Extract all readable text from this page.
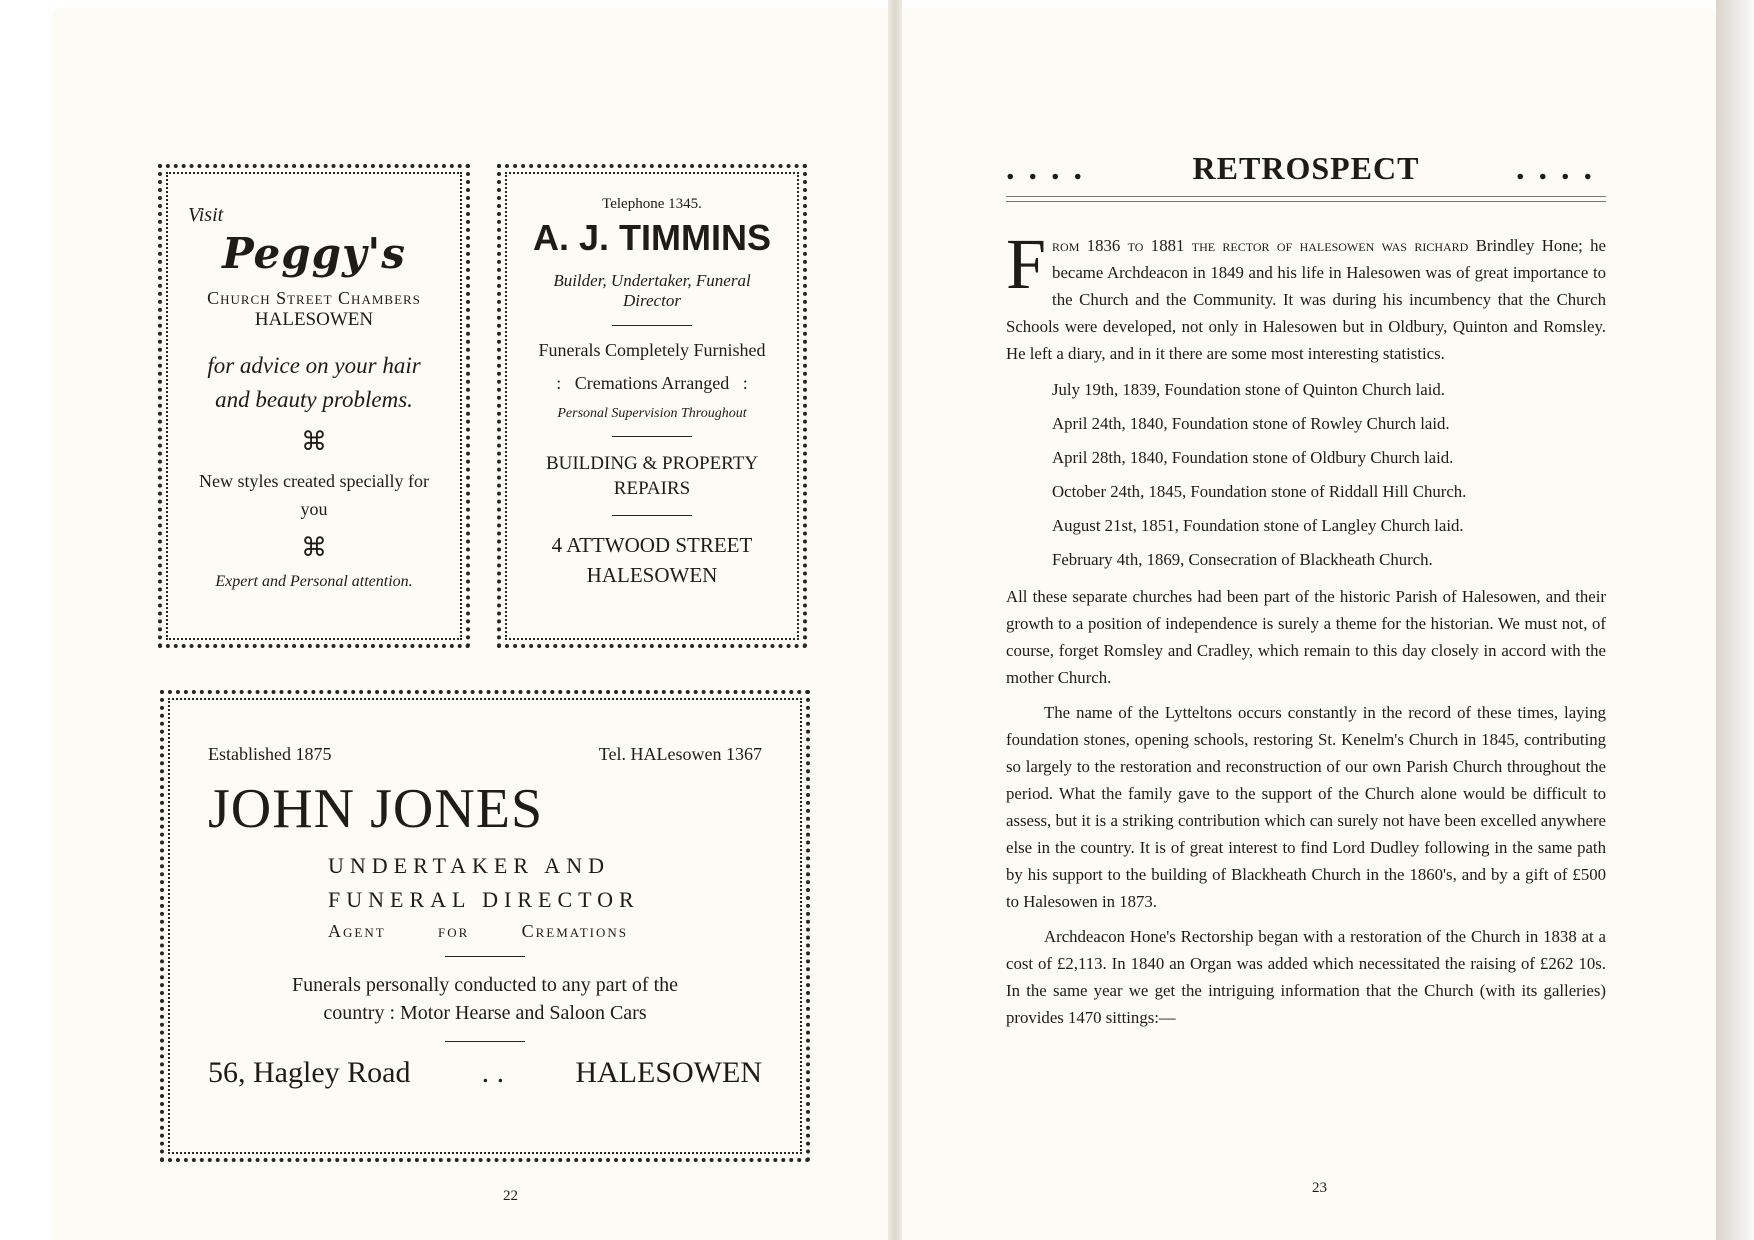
Visit
Peggy's
Church Street Chambers
HALESOWEN
for advice on your hair and beauty problems.
⌘
New styles created specially for you
⌘
Expert and Personal attention.
Telephone 1345.
A. J. TIMMINS
Builder, Undertaker, Funeral Director
Funerals Completely Furnished
:   Cremations Arranged   :
Personal Supervision Throughout
BUILDING & PROPERTY REPAIRS
4 ATTWOOD STREET
HALESOWEN
Established 1875	Tel. HALesowen 1367
JOHN JONES
UNDERTAKER AND
FUNERAL DIRECTOR
Agent	for	Cremations
Funerals personally conducted to any part of the country : Motor Hearse and Saloon Cars
56, Hagley Road . . HALESOWEN
22
....	RETROSPECT	....

F rom 1836 to 1881 the rector of halesowen was richard Brindley Hone; he became Archdeacon in 1849 and his life in Halesowen was of great importance to the Church and the Community. It was during his incumbency that the Church Schools were developed, not only in Halesowen but in Oldbury, Quinton and Romsley. He left a diary, and in it there are some most interesting statistics.

July 19th, 1839, Foundation stone of Quinton Church laid.
April 24th, 1840, Foundation stone of Rowley Church laid.
April 28th, 1840, Foundation stone of Oldbury Church laid.
October 24th, 1845, Foundation stone of Riddall Hill Church.
August 21st, 1851, Foundation stone of Langley Church laid.
February 4th, 1869, Consecration of Blackheath Church.

All these separate churches had been part of the historic Parish of Halesowen, and their growth to a position of independence is surely a theme for the historian. We must not, of course, forget Romsley and Cradley, which remain to this day closely in accord with the mother Church.

The name of the Lytteltons occurs constantly in the record of these times, laying foundation stones, opening schools, restoring St. Kenelm's Church in 1845, contributing so largely to the restoration and reconstruction of our own Parish Church throughout the period. What the family gave to the support of the Church alone would be difficult to assess, but it is a striking contribution which can surely not have been excelled anywhere else in the country. It is of great interest to find Lord Dudley following in the same path by his support to the building of Blackheath Church in the 1860's, and by a gift of £500 to Halesowen in 1873.

Archdeacon Hone's Rectorship began with a restoration of the Church in 1838 at a cost of £2,113. In 1840 an Organ was added which necessitated the raising of £262 10s. In the same year we get the intriguing information that the Church (with its galleries) provides 1470 sittings:—

23
